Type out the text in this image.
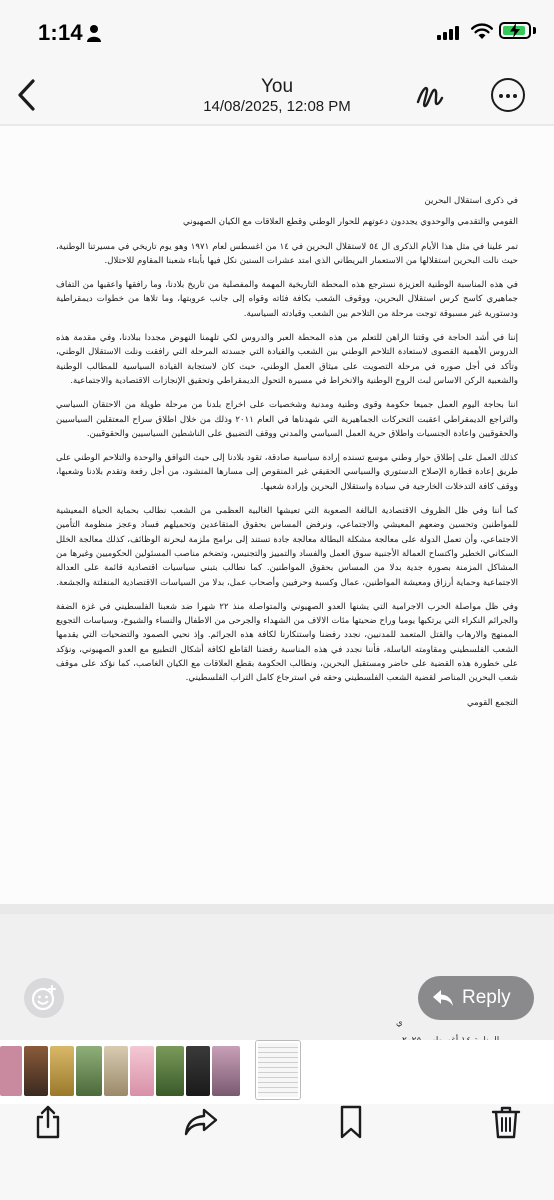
1:14
You
14/08/2025, 12:08 PM

في ذكرى استقلال البحرين

القومي والتقدمي والوحدوي يجددون دعوتهم للحوار الوطني وقطع العلاقات مع الكيان الصهيوني

تمر علينا في مثل هذا الأيام الذكرى ال ٥٤ لاستقلال البحرين في ١٤ من اغسطس لعام ١٩٧١ وهو يوم تاريخي في مسيرتنا الوطنية، حيث نالت البحرين استقلالها من الاستعمار البريطاني الذي امتد عشرات السنين نكل فيها بأبناء شعبنا المقاوم للاحتلال.

في هذه المناسبة الوطنية العزيزة نسترجع هذه المحطة التاريخية المهمة والمفصلية من تاريخ بلادنا، وما رافقها واعقبها من التفاف جماهيري كاسح كرس استقلال البحرين، ووقوف الشعب بكافة فئاته وقواه إلى جانب عروبتها، وما تلاها من خطوات ديمقراطية ودستورية غير مسبوقة توجت مرحلة من التلاحم بين الشعب وقيادته السياسية.

إننا في أشد الحاجة في وقتنا الراهن للتعلم من هذه المحطة العبر والدروس لكي تلهمنا النهوض مجددا ببلادنا، وفي مقدمة هذه الدروس الأهمية القصوى لاستعادة التلاحم الوطني بين الشعب والقيادة التي جسدته المرحلة التي رافقت ونلت الاستقلال الوطني، وتأكد في أجل صوره في مرحلة التصويت على ميثاق العمل الوطني، حيث كان لاستجابة القيادة السياسية للمطالب الوطنية والشعبية الركن الاساس لبث الروح الوطنية والانخراط في مسيرة التحول الديمقراطي وتحقيق الإنجازات الاقتصادية والاجتماعية.

اننا بحاجة اليوم العمل جميعا حكومة وقوى وطنية ومدنية وشخصيات على اخراج بلدنا من مرحلة طويلة من الاحتقان السياسي والتراجع الديمقراطي اعقبت التحركات الجماهيرية التي شهدناها في العام ٢٠١١ وذلك من خلال اطلاق سراح المعتقلين السياسيين والحقوقيين واعادة الجنسيات واطلاق حرية العمل السياسي والمدني ووقف التضييق على الناشطين السياسيين والحقوقيين.

كذلك العمل على إطلاق حوار وطني موسع تسنده إرادة سياسية صادقة، تقود بلادنا إلى حيث التوافق والوحدة والتلاحم الوطني على طريق إعادة قطارة الإصلاح الدستوري والسياسي الحقيقي غير المنقوص إلى مسارها المنشود، من أجل رفعة وتقدم بلادنا وشعبها، ووقف كافة التدخلات الخارجية في سيادة واستقلال البحرين وإرادة شعبها.

كما أننا وفي ظل الظروف الاقتصادية البالغة الصعوبة التي تعيشها الغالبية العظمى من الشعب نطالب بحماية الحياة المعيشية للمواطنين وتحسين وضعهم المعيشي والاجتماعي، ونرفض المساس بحقوق المتقاعدين وتحميلهم فساد وعجز منظومة التأمين الاجتماعي، وأن تعمل الدولة على معالجة مشكلة البطالة معالجة جادة تستند إلى برامج ملزمة لبحرنة الوظائف، كذلك معالجة الخلل السكاني الخطير واكتساح العمالة الأجنبية سوق العمل والفساد والتمييز والتجنيس، وتضخم مناصب المسئولين الحكوميين وغيرها من المشاكل المزمنة بصورة جدية بدلا من المساس بحقوق المواطنين. كما نطالب بتبني سياسيات اقتصادية قائمة على العدالة الاجتماعية وحماية أرزاق ومعيشة المواطنين، عمال وكسبة وحرفيين وأصحاب عمل، بدلا من السياسات الاقتصادية المنفلتة والجشعة.

وفي ظل مواصلة الحرب الاجرامية التي يشنها العدو الصهيوني والمتواصلة منذ ٢٢ شهرا ضد شعبنا الفلسطيني في غزة الضفة والجرائم النكراء التي يرتكبها يوميا وراح ضحيتها مئات الالاف من الشهداء والجرحى من الاطفال والنساء والشيوخ، وسياسات التجويع الممنهج والارهاب والقتل المتعمد للمدنيين، نجدد رفضنا واستنكارنا لكافة هذه الجرائم. وإذ نحيي الصمود والتضحيات التي يقدمها الشعب الفلسطيني ومقاومته الباسلة، فأننا نجدد في هذه المناسبة رفضنا القاطع لكافة أشكال التطبيع مع العدو الصهيوني، ونؤكد على خطورة هذه القضية على حاضر ومستقبل البحرين، ونطالب الحكومة بقطع العلاقات مع الكيان الغاصب، كما نؤكد على موقف شعب البحرين المناصر لقضية الشعب الفلسطيني وحقه في استرجاع كامل التراب الفلسطيني.

التجمع القومي

ي
Reply
